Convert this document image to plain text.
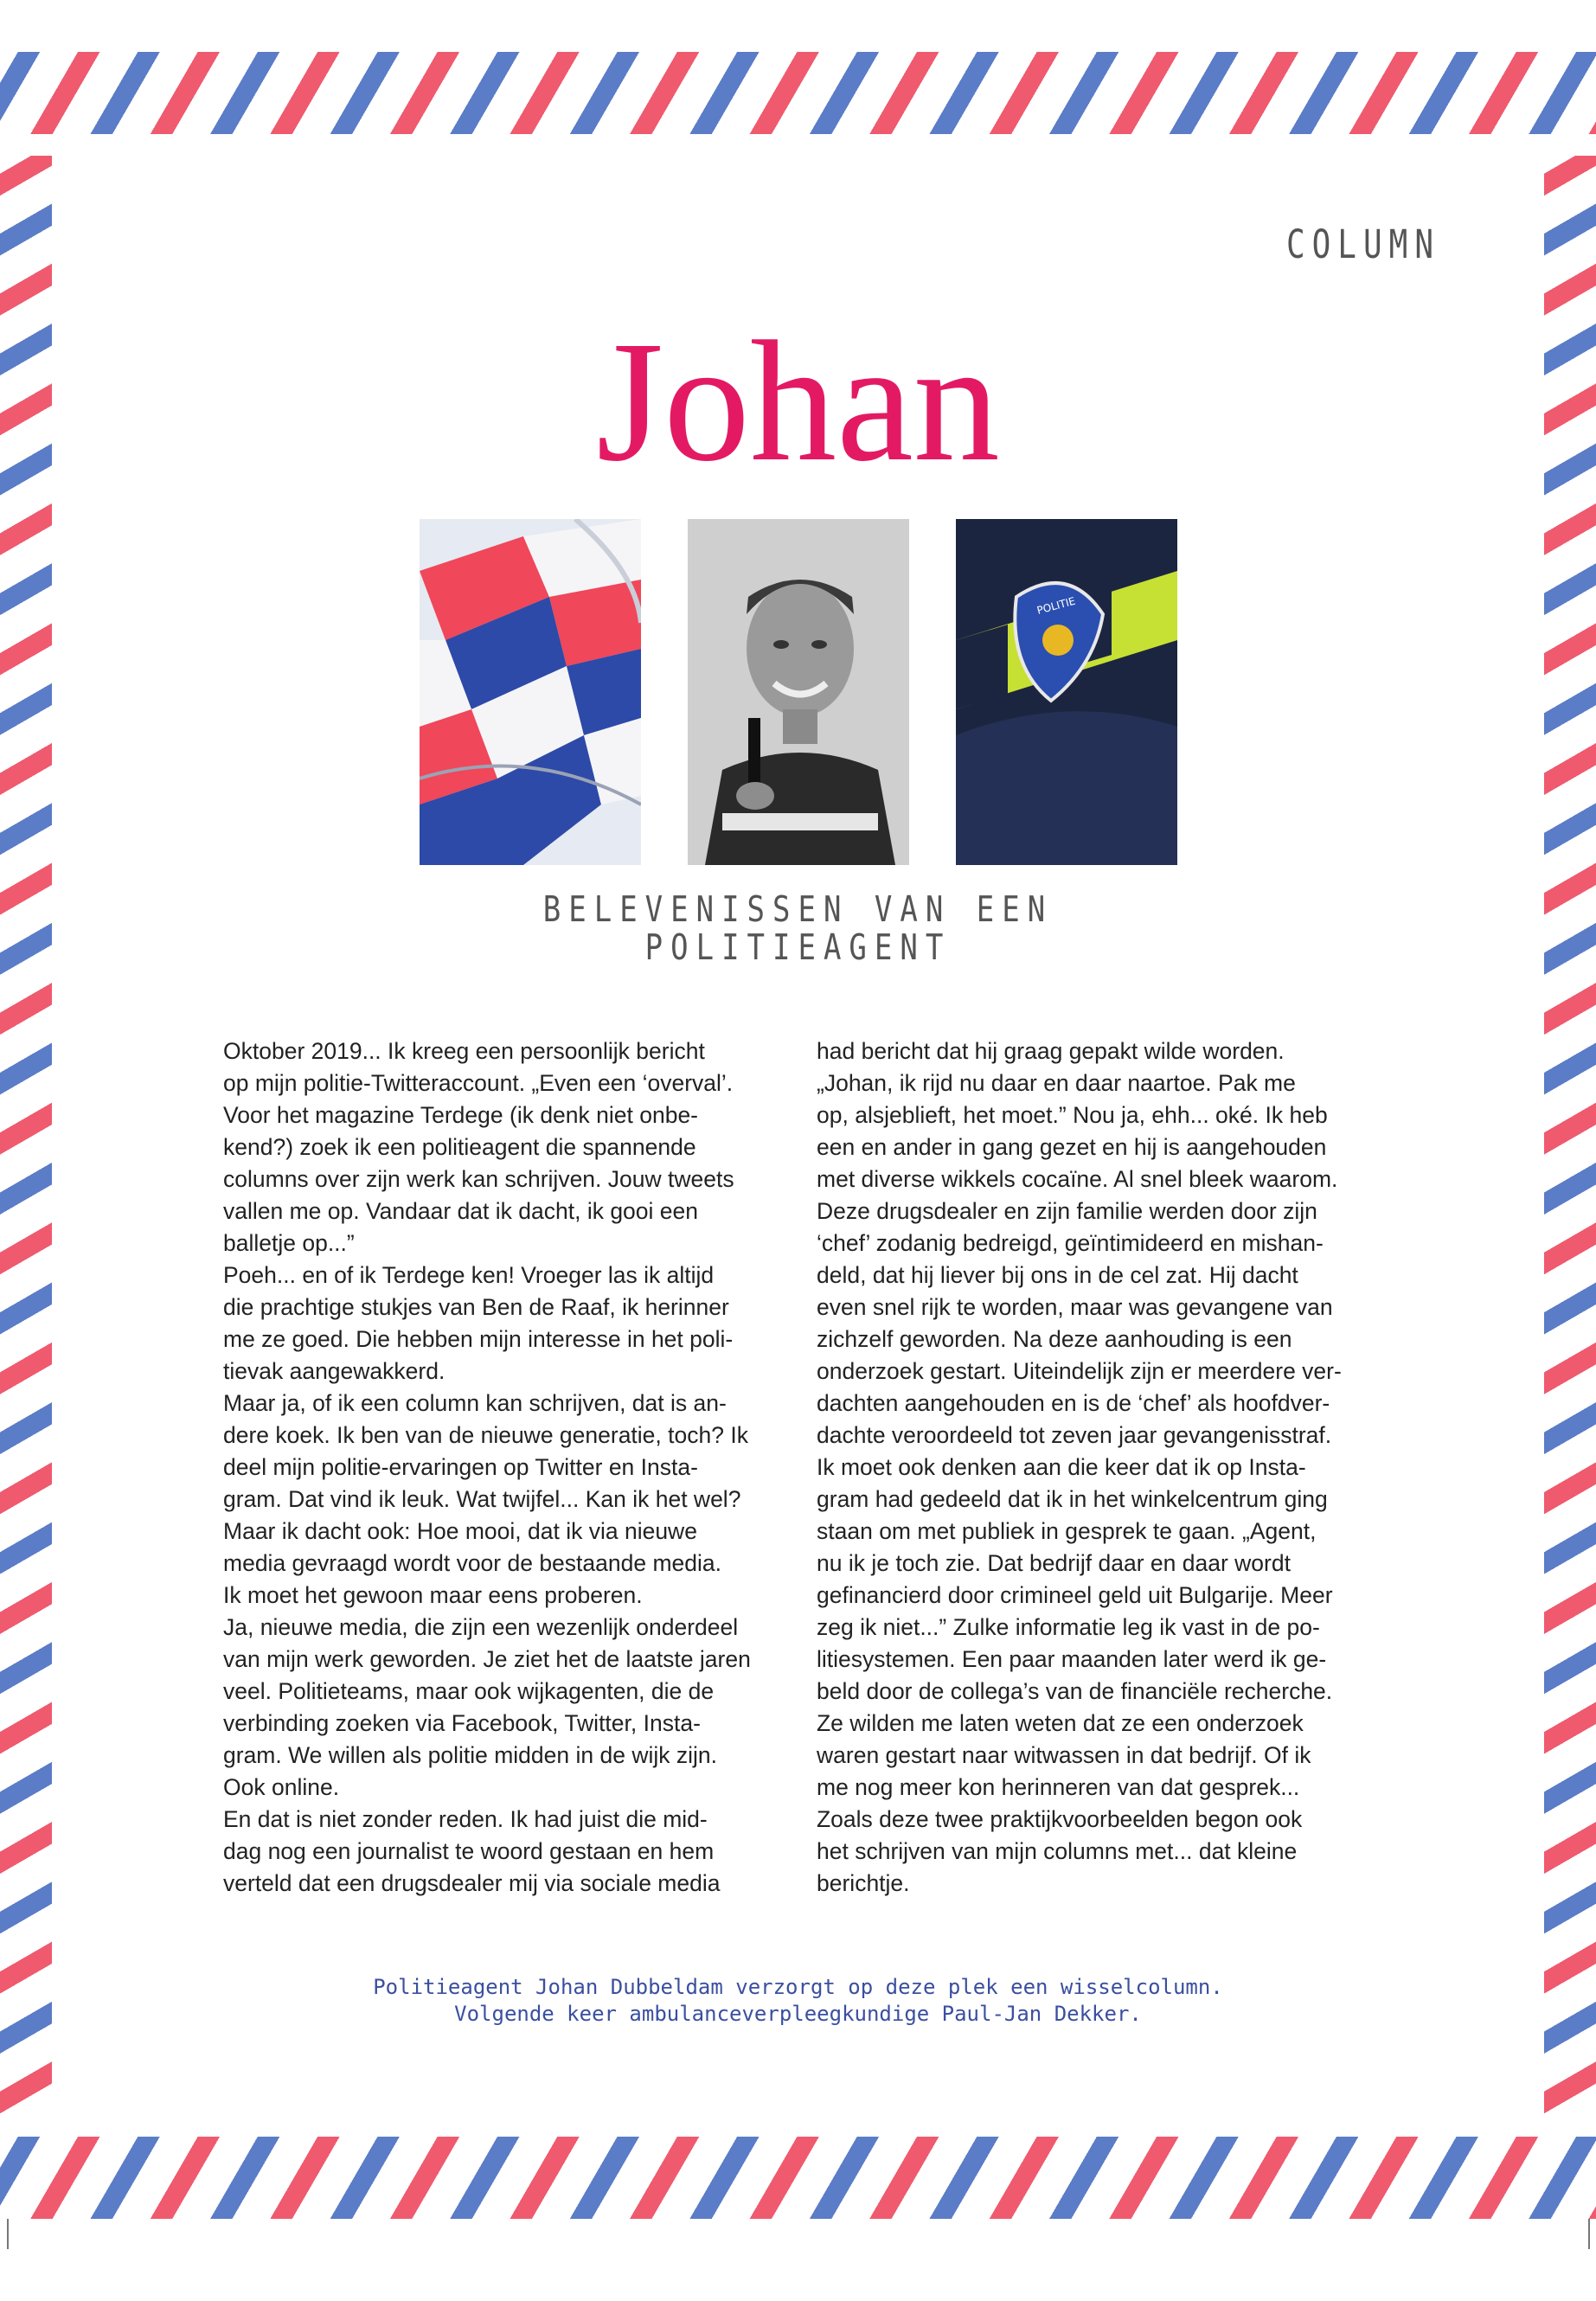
COLUMN
Johan
POLITIE
BELEVENISSEN VAN EEN
POLITIEAGENT

Oktober 2019... Ik kreeg een persoonlijk bericht
op mijn politie-Twitteraccount. „Even een ‘overval’.
Voor het magazine Terdege (ik denk niet onbe-
kend?) zoek ik een politieagent die spannende
columns over zijn werk kan schrijven. Jouw tweets
vallen me op. Vandaar dat ik dacht, ik gooi een
balletje op...”
Poeh... en of ik Terdege ken! Vroeger las ik altijd
die prachtige stukjes van Ben de Raaf, ik herinner
me ze goed. Die hebben mijn interesse in het poli-
tievak aangewakkerd.
Maar ja, of ik een column kan schrijven, dat is an-
dere koek. Ik ben van de nieuwe generatie, toch? Ik
deel mijn politie-ervaringen op Twitter en Insta-
gram. Dat vind ik leuk. Wat twijfel... Kan ik het wel?
Maar ik dacht ook: Hoe mooi, dat ik via nieuwe
media gevraagd wordt voor de bestaande media.
Ik moet het gewoon maar eens proberen.
Ja, nieuwe media, die zijn een wezenlijk onderdeel
van mijn werk geworden. Je ziet het de laatste jaren
veel. Politieteams, maar ook wijkagenten, die de
verbinding zoeken via Facebook, Twitter, Insta-
gram. We willen als politie midden in de wijk zijn.
Ook online.
En dat is niet zonder reden. Ik had juist die mid-
dag nog een journalist te woord gestaan en hem
verteld dat een drugsdealer mij via sociale media

had bericht dat hij graag gepakt wilde worden.
„Johan, ik rijd nu daar en daar naartoe. Pak me
op, alsjeblieft, het moet.” Nou ja, ehh... oké. Ik heb
een en ander in gang gezet en hij is aangehouden
met diverse wikkels cocaïne. Al snel bleek waarom.
Deze drugsdealer en zijn familie werden door zijn
‘chef’ zodanig bedreigd, geïntimideerd en mishan-
deld, dat hij liever bij ons in de cel zat. Hij dacht
even snel rijk te worden, maar was gevangene van
zichzelf geworden. Na deze aanhouding is een
onderzoek gestart. Uiteindelijk zijn er meerdere ver-
dachten aangehouden en is de ‘chef’ als hoofdver-
dachte veroordeeld tot zeven jaar gevangenisstraf.
Ik moet ook denken aan die keer dat ik op Insta-
gram had gedeeld dat ik in het winkelcentrum ging
staan om met publiek in gesprek te gaan. „Agent,
nu ik je toch zie. Dat bedrijf daar en daar wordt
gefinancierd door crimineel geld uit Bulgarije. Meer
zeg ik niet...” Zulke informatie leg ik vast in de po-
litiesystemen. Een paar maanden later werd ik ge-
beld door de collega’s van de financiële recherche.
Ze wilden me laten weten dat ze een onderzoek
waren gestart naar witwassen in dat bedrijf. Of ik
me nog meer kon herinneren van dat gesprek...
Zoals deze twee praktijkvoorbeelden begon ook
het schrijven van mijn columns met... dat kleine
berichtje.

Politieagent Johan Dubbeldam verzorgt op deze plek een wisselcolumn.
Volgende keer ambulanceverpleegkundige Paul-Jan Dekker.
